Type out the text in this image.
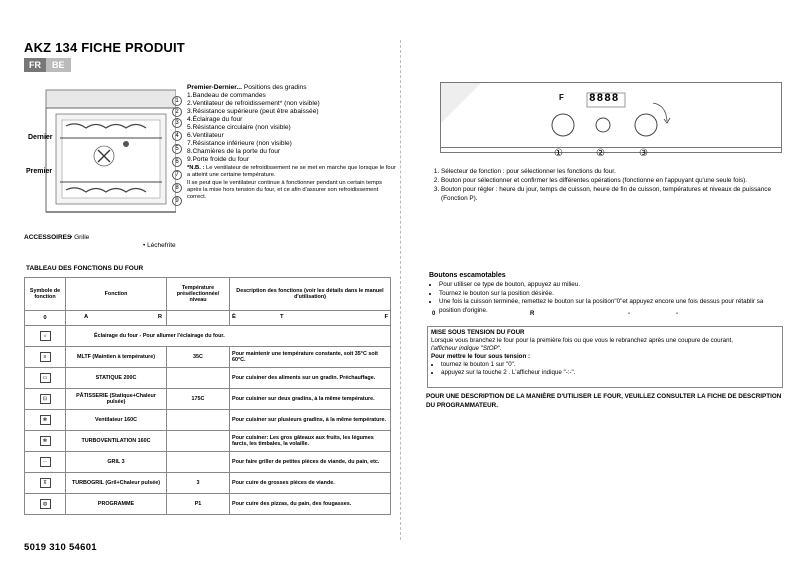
AKZ 134 FICHE PRODUIT
FR	BE
Dernier
Premier
1
2
3
4
5
6
7
8
9
Premier-Dernier... Positions des gradins
1.Bandeau de commandes
2.Ventilateur de refroidissement* (non visible)
3.Résistance supérieure (peut être abaissée)
4.Éclairage du four
5.Résistance circulaire (non visible)
6.Ventilateur
7.Résistance inférieure (non visible)
8.Charnières de la porte du four
9.Porte froide du four
*N.B. : Le ventilateur de refroidissement ne se met en marche que lorsque le four a atteint une certaine température.
Il se peut que le ventilateur continue à fonctionner pendant un certain temps après la mise hors tension du four, et ce afin d'assurer son refroidissement correct.
ACCESSOIRES
• Grille
• Lèchefrite
TABLEAU DES FONCTIONS DU FOUR
Symbole de fonction	Fonction	Température présélectionnée/ niveau	Description des fonctions (voir les détails dans le manuel d'utilisation)
0	A R		È T F

☼	Éclairage du four - Pour allumer l'éclairage du four.		
≡	MLTF (Maintien à température)	35C	Pour maintenir une température constante, soit 35°C soit 60°C.
▭	STATIQUE 200C		Pour cuisiner des aliments sur un gradin. Préchauffage.
⊡	PÂTISSERIE (Statique+Chaleur pulsée)	175C	Pour cuisiner sur deux gradins, à la même température.
✻	Ventilateur 160C		Pour cuisiner sur plusieurs gradins, à la même température.
✻	TURBOVENTILATION 160C		Pour cuisiner: Les gros gâteaux aux fruits, les légumes farcis, les timbales, la volaille.
⋯	GRIL 3		Pour faire griller de petites pièces de viande, du pain, etc.
⊼	TURBOGRIL (Gril+Chaleur pulsée)	3	Pour cuire de grosses pièces de viande.
◍	PROGRAMME	P1	Pour cuire des pizzas, du pain, des fougasses.
5019 310 54601
F 8888
①	②	③
1. Sélecteur de fonction : pour sélectionner les fonctions du four.
2. Bouton pour sélectionner et confirmer les différentes opérations (fonctionne en l'appuyant qu'une seule fois).
3. Bouton pour régler : heure du jour, temps de cuisson, heure de fin de cuisson, températures et niveaux de puissance (Fonction P).
Boutons escamotables
• Pour utiliser ce type de bouton, appuyez au milieu.
• Tournez le bouton sur la position désirée.
• Une fois la cuisson terminée, remettez le bouton sur la position"0"et appuyez encore une fois dessus pour rétablir sa position d'origine.
0	R	-	-
MISE SOUS TENSION DU FOUR
Lorsque vous branchez le four pour la première fois ou que vous le rebranchez après une coupure de courant,
l'afficheur indique "StOP".
Pour mettre le four sous tension :
• tournez le bouton 1 sur "0".
• appuyez sur la touche 2 . L'afficheur indique "-:-".
POUR UNE DESCRIPTION DE LA MANIÈRE D'UTILISER LE FOUR, VEUILLEZ CONSULTER LA FICHE DE DESCRIPTION DU PROGRAMMATEUR.
